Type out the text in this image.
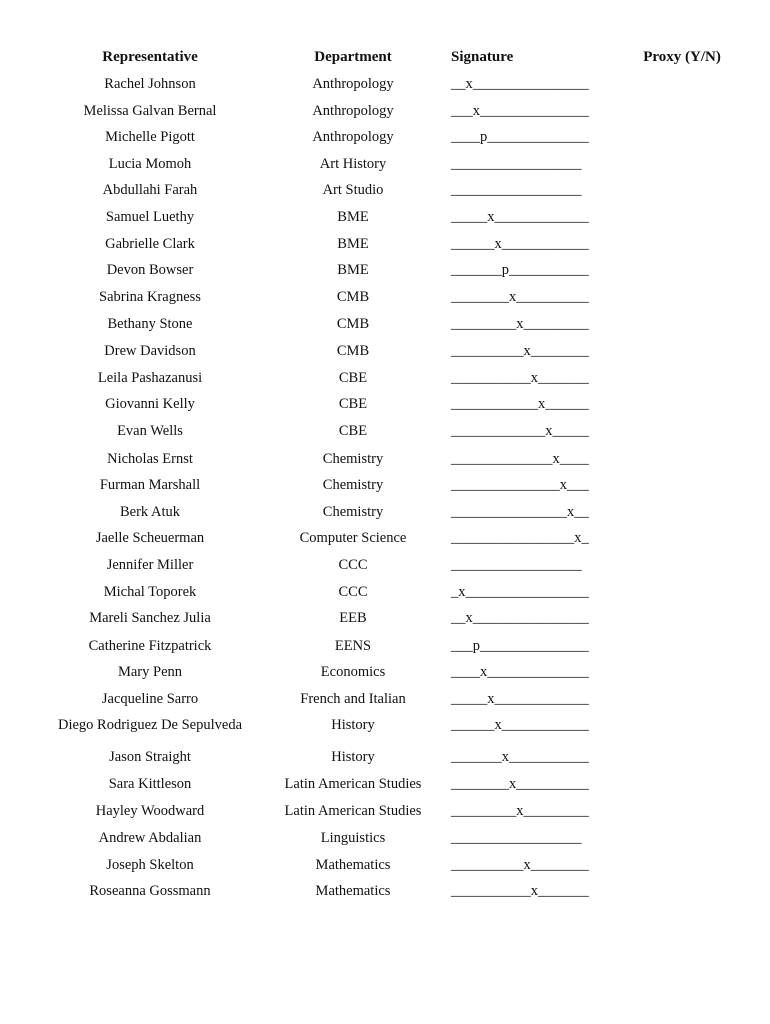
Representative	Department	Signature	Proxy (Y/N)
Rachel Johnson	Anthropology	__x________________
Melissa Galvan Bernal	Anthropology	___x_______________
Michelle Pigott	Anthropology	____p______________
Lucia Momoh	Art History	__________________
Abdullahi Farah	Art Studio	__________________
Samuel Luethy	BME	_____x_____________
Gabrielle Clark	BME	______x____________
Devon Bowser	BME	_______p___________
Sabrina Kragness	CMB	________x__________
Bethany Stone	CMB	_________x_________
Drew Davidson	CMB	__________x________
Leila Pashazanusi	CBE	___________x_______
Giovanni Kelly	CBE	____________x______
Evan Wells	CBE	_____________x_____
Nicholas Ernst	Chemistry	______________x____
Furman Marshall	Chemistry	_______________x___
Berk Atuk	Chemistry	________________x__
Jaelle Scheuerman	Computer Science	_________________x_
Jennifer Miller	CCC	__________________
Michal Toporek	CCC	_x_________________
Mareli Sanchez Julia	EEB	__x________________
Catherine Fitzpatrick	EENS	___p_______________
Mary Penn	Economics	____x______________
Jacqueline Sarro	French and Italian	_____x_____________
Diego Rodriguez De Sepulveda	History	______x____________
Jason Straight	History	_______x___________
Sara Kittleson	Latin American Studies	________x__________
Hayley Woodward	Latin American Studies	_________x_________
Andrew Abdalian	Linguistics	__________________
Joseph Skelton	Mathematics	__________x________
Roseanna Gossmann	Mathematics	___________x_______
